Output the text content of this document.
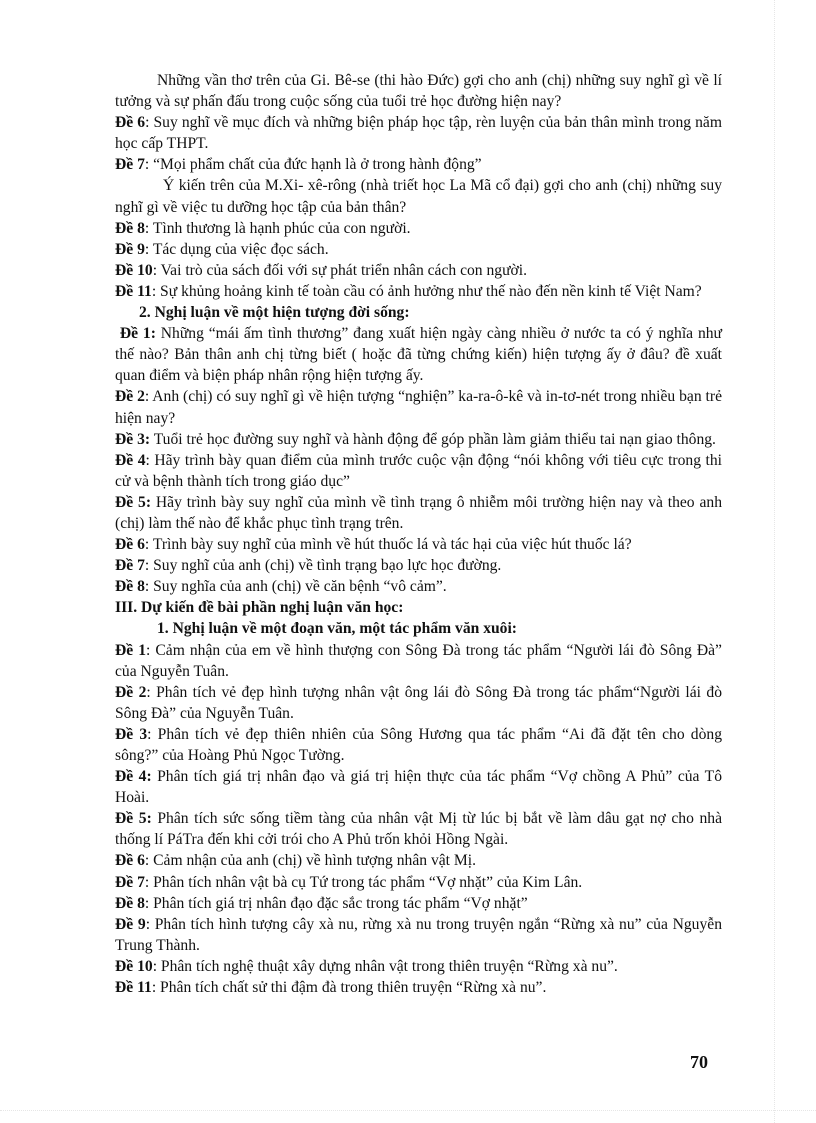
Những vần thơ trên của Gi. Bê-se (thi hào Đức) gợi cho anh (chị) những suy nghĩ gì về lí tưởng và sự phấn đấu trong cuộc sống của tuổi trẻ học đường hiện nay?

Đề 6: Suy nghĩ về mục đích và những biện pháp học tập, rèn luyện của bản thân mình trong năm học cấp THPT.

Đề 7: “Mọi phẩm chất của đức hạnh là ở trong hành động”

Ý kiến trên của M.Xi- xê-rông (nhà triết học La Mã cổ đại) gợi cho anh (chị) những suy nghĩ gì về việc tu dưỡng học tập của bản thân?

Đề 8: Tình thương là hạnh phúc của con người.

Đề 9: Tác dụng của việc đọc sách.

Đề 10: Vai trò của sách đối với sự phát triển nhân cách con người.

Đề 11: Sự khủng hoảng kinh tế toàn cầu có ảnh hưởng như thế nào đến nền kinh tế Việt Nam?

2. Nghị luận về một hiện tượng đời sống:

Đề 1: Những “mái ấm tình thương” đang xuất hiện ngày càng nhiều ở nước ta có ý nghĩa như thế nào? Bản thân anh chị từng biết ( hoặc đã từng chứng kiến) hiện tượng ấy ở đâu? đề xuất quan điểm và biện pháp nhân rộng hiện tượng ấy.

Đề 2: Anh (chị) có suy nghĩ gì về hiện tượng “nghiện” ka-ra-ô-kê và in-tơ-nét trong nhiều bạn trẻ hiện nay?

Đề 3: Tuổi trẻ học đường suy nghĩ và hành động để góp phần làm giảm thiểu tai nạn giao thông.

Đề 4: Hãy trình bày quan điểm của mình trước cuộc vận động “nói không với tiêu cực trong thi cử và bệnh thành tích trong giáo dục”

Đề 5: Hãy trình bày suy nghĩ của mình về tình trạng ô nhiễm môi trường hiện nay và theo anh (chị) làm thế nào để khắc phục tình trạng trên.

Đề 6: Trình bày suy nghĩ của mình về hút thuốc lá và tác hại của việc hút thuốc lá?

Đề 7: Suy nghĩ của anh (chị) về tình trạng bạo lực học đường.

Đề 8: Suy nghĩa của anh (chị) về căn bệnh “vô cảm”.

III. Dự kiến đề bài phần nghị luận văn học:

1. Nghị luận về một đoạn văn, một tác phẩm văn xuôi:

Đề 1: Cảm nhận của em về hình thượng con Sông Đà trong tác phẩm “Người lái đò Sông Đà” của Nguyễn Tuân.

Đề 2: Phân tích vẻ đẹp hình tượng nhân vật ông lái đò Sông Đà trong tác phẩm“Người lái đò Sông Đà” của Nguyễn Tuân.

Đề 3: Phân tích vẻ đẹp thiên nhiên của Sông Hương qua tác phẩm “Ai đã đặt tên cho dòng sông?” của Hoàng Phủ Ngọc Tường.

Đề 4: Phân tích giá trị nhân đạo và giá trị hiện thực của tác phẩm “Vợ chồng A Phủ” của Tô Hoài.

Đề 5: Phân tích sức sống tiềm tàng của nhân vật Mị từ lúc bị bắt về làm dâu gạt nợ cho nhà thống lí PáTra đến khi cởi trói cho A Phủ trốn khỏi Hồng Ngài.

Đề 6: Cảm nhận của anh (chị) về hình tượng nhân vật Mị.

Đề 7: Phân tích nhân vật bà cụ Tứ trong tác phẩm “Vợ nhặt” của Kim Lân.

Đề 8: Phân tích giá trị nhân đạo đặc sắc trong tác phẩm “Vợ nhặt”

Đề 9: Phân tích hình tượng cây xà nu, rừng xà nu trong truyện ngắn “Rừng xà nu” của Nguyễn Trung Thành.

Đề 10: Phân tích nghệ thuật xây dựng nhân vật trong thiên truyện “Rừng xà nu”.

Đề 11: Phân tích chất sử thi đậm đà trong thiên truyện “Rừng xà nu”.

70
